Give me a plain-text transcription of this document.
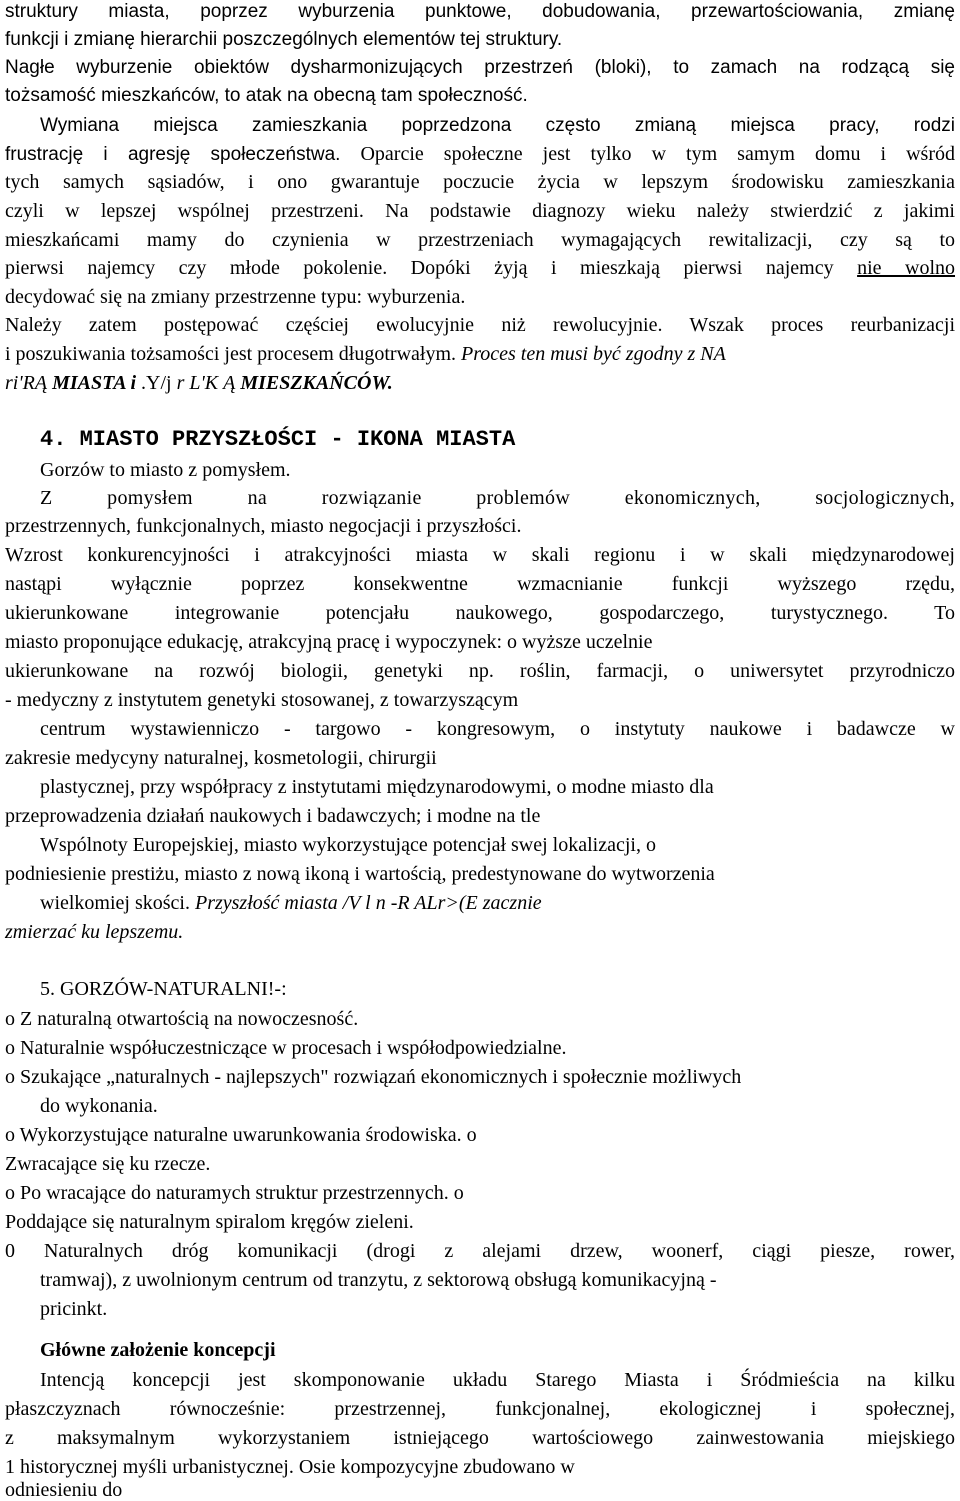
struktury miasta, poprzez wyburzenia punktowe, dobudowania, przewartościowania, zmianę
funkcji i zmianę hierarchii poszczególnych elementów tej struktury.
Nagłe wyburzenie obiektów dysharmonizujących przestrzeń (bloki), to zamach na rodzącą się
tożsamość mieszkańców, to atak na obecną tam społeczność.
Wymiana miejsca zamieszkania poprzedzona często zmianą miejsca pracy, rodzi
frustrację i agresję społeczeństwa. Oparcie społeczne jest tylko w tym samym domu i wśród
tych samych sąsiadów, i ono gwarantuje poczucie życia w lepszym środowisku zamieszkania
czyli w lepszej wspólnej przestrzeni. Na podstawie diagnozy wieku należy stwierdzić z jakimi
mieszkańcami mamy do czynienia w przestrzeniach wymagających rewitalizacji, czy są to
pierwsi najemcy czy młode pokolenie. Dopóki żyją i mieszkają pierwsi najemcy nie wolno
decydować się na zmiany przestrzenne typu: wyburzenia.
Należy zatem postępować częściej ewolucyjnie niż rewolucyjnie. Wszak proces reurbanizacji
i poszukiwania tożsamości jest procesem długotrwałym. Proces ten musi być zgodny z NA
ri'RĄ MIASTA i .Y/j r L'K Ą MIESZKAŃCÓW.
4. MIASTO PRZYSZŁOŚCI - IKONA MIASTA
Gorzów to miasto z pomysłem.
Z pomysłem na rozwiązanie problemów ekonomicznych, socjologicznych,
przestrzennych, funkcjonalnych, miasto negocjacji i przyszłości.
Wzrost konkurencyjności i atrakcyjności miasta w skali regionu i w skali międzynarodowej
nastąpi wyłącznie poprzez konsekwentne wzmacnianie funkcji wyższego rzędu,
ukierunkowane integrowanie potencjału naukowego, gospodarczego, turystycznego. To
miasto proponujące edukację, atrakcyjną pracę i wypoczynek: o wyższe uczelnie
ukierunkowane na rozwój biologii, genetyki np. roślin, farmacji, o uniwersytet przyrodniczo
- medyczny z instytutem genetyki stosowanej, z towarzyszącym
centrum wystawienniczo - targowo - kongresowym, o instytuty naukowe i badawcze w
zakresie medycyny naturalnej, kosmetologii, chirurgii
plastycznej, przy współpracy z instytutami międzynarodowymi, o modne miasto dla
przeprowadzenia działań naukowych i badawczych; i modne na tle
Wspólnoty Europejskiej, miasto wykorzystujące potencjał swej lokalizacji, o
podniesienie prestiżu, miasto z nową ikoną i wartością, predestynowane do wytworzenia
wielkomiej skości. Przyszłość miasta /V l n -R ALr>(E zacznie
zmierzać ku lepszemu.
5. GORZÓW-NATURALNI!-:
o Z naturalną otwartością na nowoczesność.
o Naturalnie współuczestniczące w procesach i współodpowiedzialne.
o Szukające „naturalnych - najlepszych" rozwiązań ekonomicznych i społecznie możliwych
do wykonania.
o Wykorzystujące naturalne uwarunkowania środowiska. o
Zwracające się ku rzecze.
o Po wracające do naturamych struktur przestrzennych. o
Poddające się naturalnym spiralom kręgów zieleni.
0 Naturalnych dróg komunikacji (drogi z alejami drzew, woonerf, ciągi piesze, rower,
tramwaj), z uwolnionym centrum od tranzytu, z sektorową obsługą komunikacyjną -
pricinkt.
Główne założenie koncepcji
Intencją koncepcji jest skomponowanie układu Starego Miasta i Śródmieścia na kilku
płaszczyznach równocześnie: przestrzennej, funkcjonalnej, ekologicznej i społecznej,
z maksymalnym wykorzystaniem istniejącego wartościowego zainwestowania miejskiego
1 historycznej myśli urbanistycznej. Osie kompozycyjne zbudowano w
odniesieniu do
